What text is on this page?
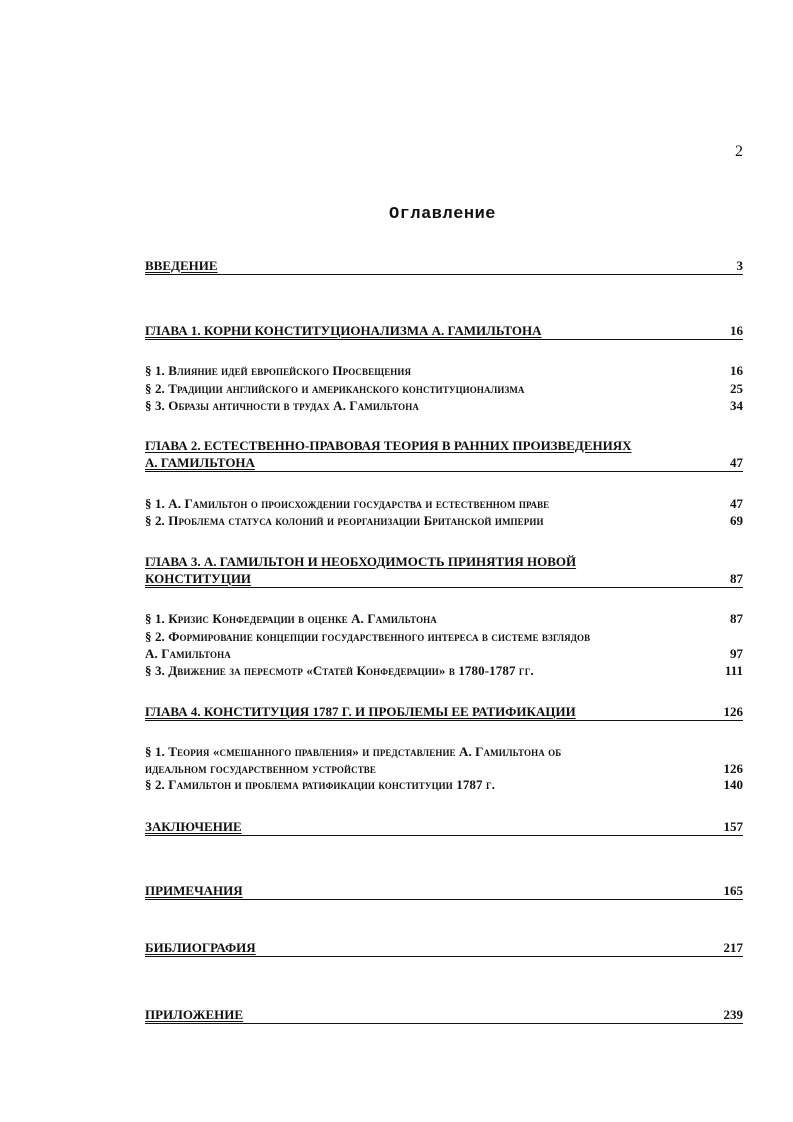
2
Оглавление
ВВЕДЕНИЕ	3
ГЛАВА 1. КОРНИ КОНСТИТУЦИОНАЛИЗМА А. ГАМИЛЬТОНА	16
§ 1. Влияние идей европейского Просвещения	16
§ 2. Традиции английского и американского конституционализма	25
§ 3. Образы античности в трудах А. Гамильтона	34
ГЛАВА 2. ЕСТЕСТВЕННО-ПРАВОВАЯ ТЕОРИЯ В РАННИХ ПРОИЗВЕДЕНИЯХ
А. ГАМИЛЬТОНА	47
§ 1. А. Гамильтон о происхождении государства и естественном праве	47
§ 2. Проблема статуса колоний и реорганизации Британской империи	69
ГЛАВА 3. А. ГАМИЛЬТОН И НЕОБХОДИМОСТЬ ПРИНЯТИЯ НОВОЙ
КОНСТИТУЦИИ	87
§ 1. Кризис Конфедерации в оценке А. Гамильтона	87
§ 2. Формирование концепции государственного интереса в системе взглядов
А. Гамильтона	97
§ 3. Движение за пересмотр «Статей Конфедерации» в 1780-1787 гг.	111
ГЛАВА 4. КОНСТИТУЦИЯ 1787 Г. И ПРОБЛЕМЫ ЕЕ РАТИФИКАЦИИ	126
§ 1. Теория «смешанного правления» и представление А. Гамильтона об
идеальном государственном устройстве	126
§ 2. Гамильтон и проблема ратификации конституции 1787 г.	140
ЗАКЛЮЧЕНИЕ	157
ПРИМЕЧАНИЯ	165
БИБЛИОГРАФИЯ	217
ПРИЛОЖЕНИЕ	239
